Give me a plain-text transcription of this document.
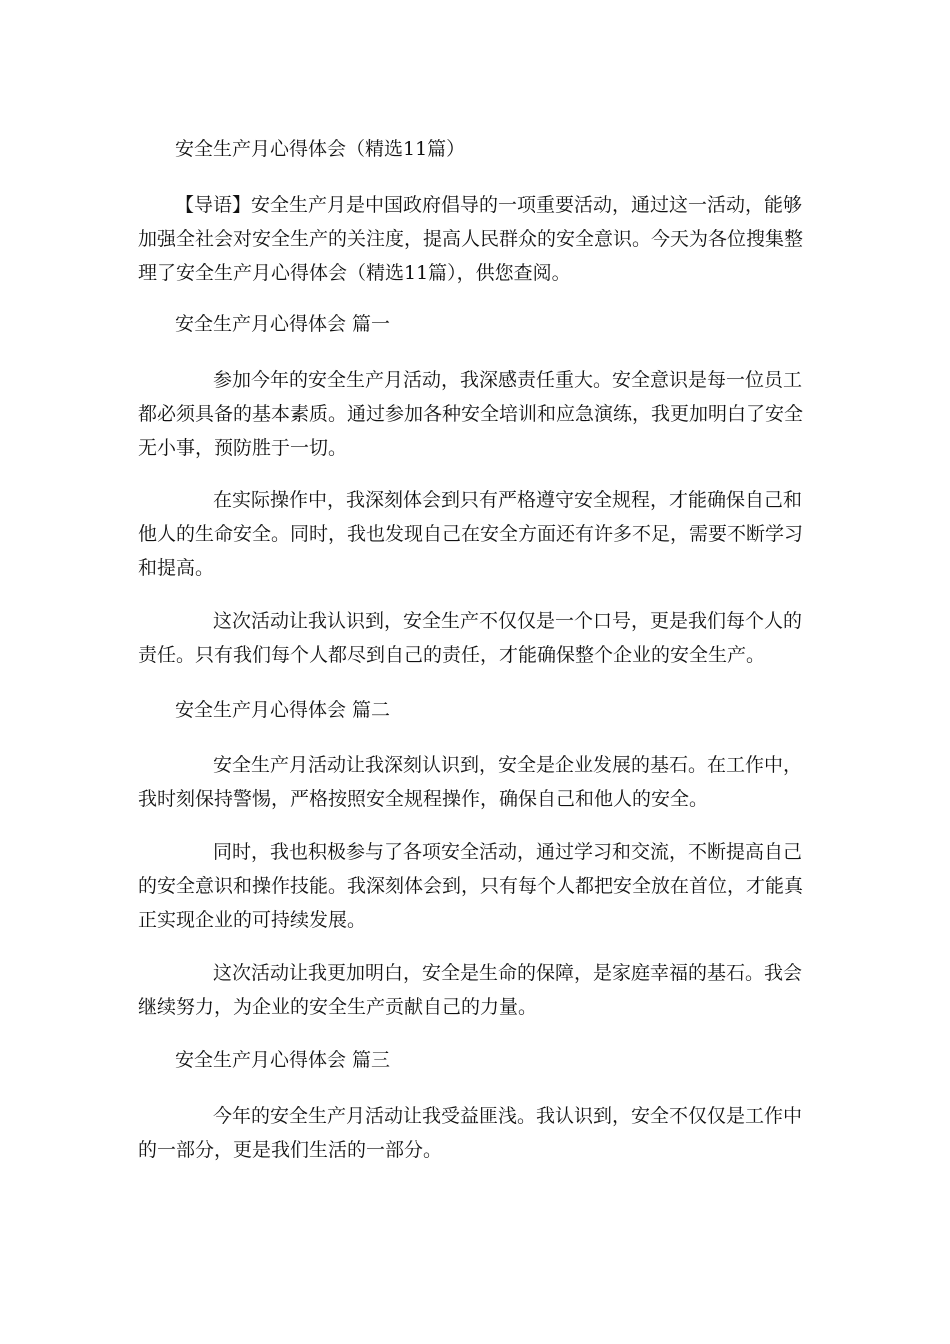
安全生产月心得体会（精选11篇）
【导语】安全生产月是中国政府倡导的一项重要活动，通过这一活动，能够
加强全社会对安全生产的关注度，提高人民群众的安全意识。今天为各位搜集整
理了安全生产月心得体会（精选11篇），供您查阅。
安全生产月心得体会 篇一
参加今年的安全生产月活动，我深感责任重大。安全意识是每一位员工
都必须具备的基本素质。通过参加各种安全培训和应急演练，我更加明白了安全
无小事，预防胜于一切。
在实际操作中，我深刻体会到只有严格遵守安全规程，才能确保自己和
他人的生命安全。同时，我也发现自己在安全方面还有许多不足，需要不断学习
和提高。
这次活动让我认识到，安全生产不仅仅是一个口号，更是我们每个人的
责任。只有我们每个人都尽到自己的责任，才能确保整个企业的安全生产。
安全生产月心得体会 篇二
安全生产月活动让我深刻认识到，安全是企业发展的基石。在工作中，
我时刻保持警惕，严格按照安全规程操作，确保自己和他人的安全。
同时，我也积极参与了各项安全活动，通过学习和交流，不断提高自己
的安全意识和操作技能。我深刻体会到，只有每个人都把安全放在首位，才能真
正实现企业的可持续发展。
这次活动让我更加明白，安全是生命的保障，是家庭幸福的基石。我会
继续努力，为企业的安全生产贡献自己的力量。
安全生产月心得体会 篇三
今年的安全生产月活动让我受益匪浅。我认识到，安全不仅仅是工作中
的一部分，更是我们生活的一部分。
